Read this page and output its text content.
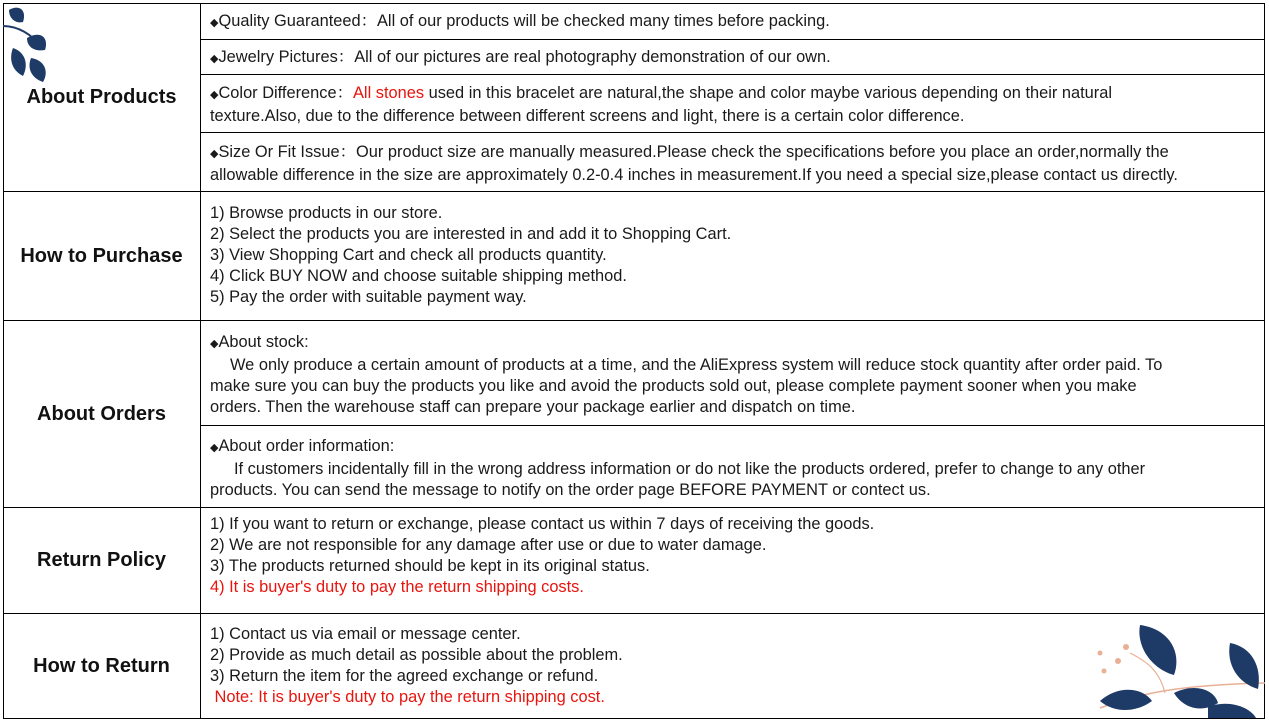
About Products
◆Quality Guaranteed：All of our products will be checked many times before packing.
◆Jewelry Pictures：All of our pictures are real photography demonstration of our own.
◆Color Difference：All stones used in this bracelet are natural,the shape and color maybe various depending on their natural
texture.Also, due to the difference between different screens and light, there is a certain color difference.
◆Size Or Fit Issue：Our product size are manually measured.Please check the specifications before you place an order,normally the
allowable difference in the size are approximately 0.2-0.4 inches in measurement.If you need a special size,please contact us directly.
How to Purchase
1) Browse products in our store.
2) Select the products you are interested in and add it to Shopping Cart.
3) View Shopping Cart and check all products quantity.
4) Click BUY NOW and choose suitable shipping method.
5) Pay the order with suitable payment way.
About Orders
◆About stock:
We only produce a certain amount of products at a time, and the AliExpress system will reduce stock quantity after order paid. To
make sure you can buy the products you like and avoid the products sold out, please complete payment sooner when you make
orders. Then the warehouse staff can prepare your package earlier and dispatch on time.
◆About order information:
If customers incidentally fill in the wrong address information or do not like the products ordered, prefer to change to any other
products. You can send the message to notify on the order page BEFORE PAYMENT or contect us.
Return Policy
1) If you want to return or exchange, please contact us within 7 days of receiving the goods.
2) We are not responsible for any damage after use or due to water damage.
3) The products returned should be kept in its original status.
4) It is buyer's duty to pay the return shipping costs.
How to Return
1) Contact us via email or message center.
2) Provide as much detail as possible about the problem.
3) Return the item for the agreed exchange or refund.
Note: It is buyer's duty to pay the return shipping cost.
